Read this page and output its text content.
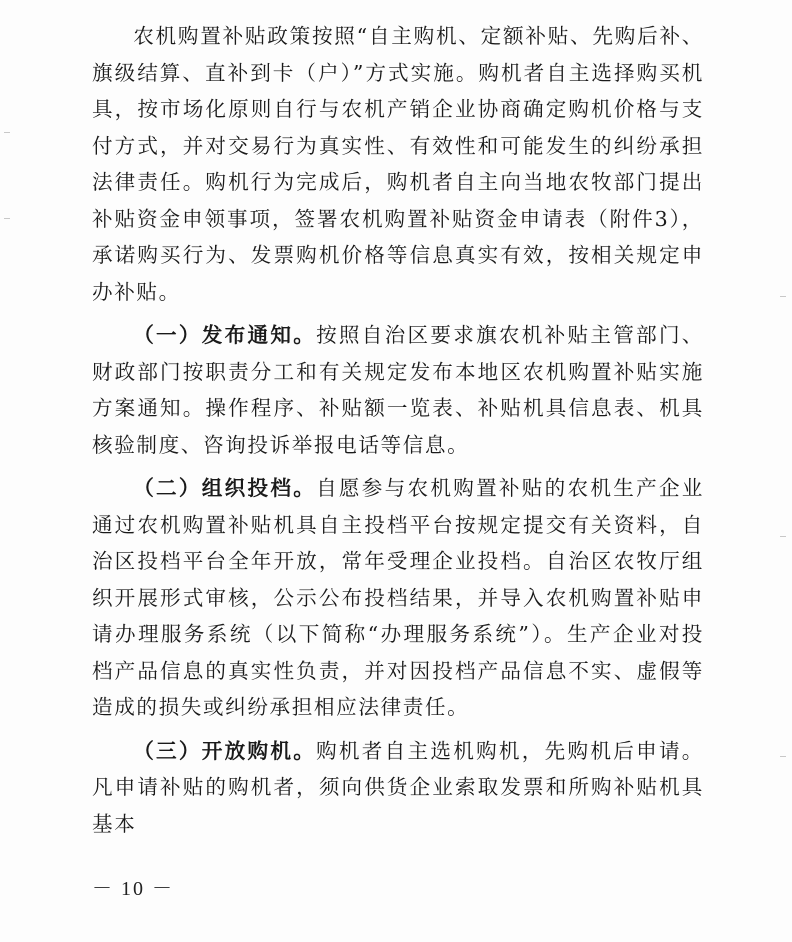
农机购置补贴政策按照“自主购机、定额补贴、先购后补、旗级结算、直补到卡（户）”方式实施。购机者自主选择购买机具，按市场化原则自行与农机产销企业协商确定购机价格与支付方式，并对交易行为真实性、有效性和可能发生的纠纷承担法律责任。购机行为完成后，购机者自主向当地农牧部门提出补贴资金申领事项，签署农机购置补贴资金申请表（附件3），承诺购买行为、发票购机价格等信息真实有效，按相关规定申办补贴。

（一）发布通知。按照自治区要求旗农机补贴主管部门、财政部门按职责分工和有关规定发布本地区农机购置补贴实施方案通知。操作程序、补贴额一览表、补贴机具信息表、机具核验制度、咨询投诉举报电话等信息。

（二）组织投档。自愿参与农机购置补贴的农机生产企业通过农机购置补贴机具自主投档平台按规定提交有关资料，自治区投档平台全年开放，常年受理企业投档。自治区农牧厅组织开展形式审核，公示公布投档结果，并导入农机购置补贴申请办理服务系统（以下简称“办理服务系统”）。生产企业对投档产品信息的真实性负责，并对因投档产品信息不实、虚假等造成的损失或纠纷承担相应法律责任。

（三）开放购机。购机者自主选机购机，先购机后申请。凡申请补贴的购机者，须向供货企业索取发票和所购补贴机具基本

－ 10 －
